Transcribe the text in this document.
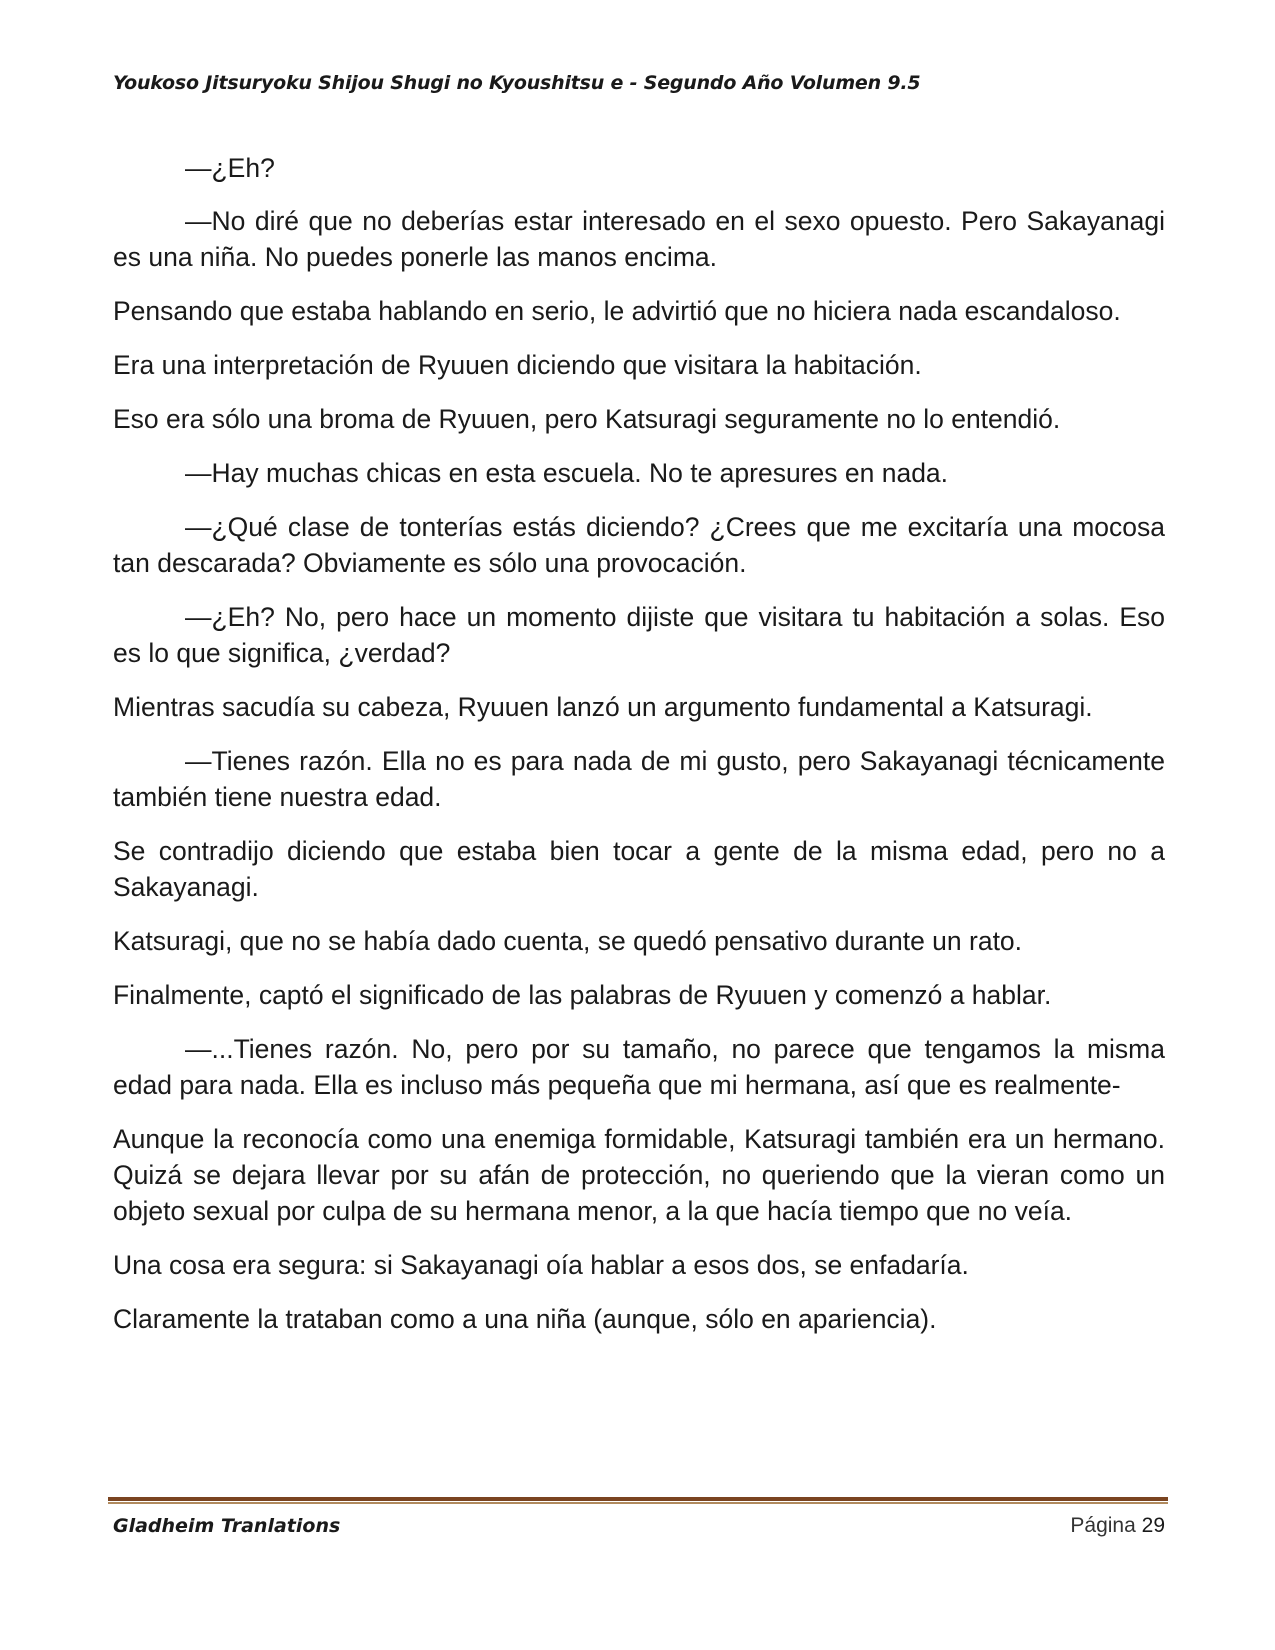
Youkoso Jitsuryoku Shijou Shugi no Kyoushitsu e - Segundo Año Volumen 9.5

—¿Eh?

—No diré que no deberías estar interesado en el sexo opuesto. Pero Sakayanagi es una niña. No puedes ponerle las manos encima.

Pensando que estaba hablando en serio, le advirtió que no hiciera nada escandaloso.

Era una interpretación de Ryuuen diciendo que visitara la habitación.

Eso era sólo una broma de Ryuuen, pero Katsuragi seguramente no lo entendió.

—Hay muchas chicas en esta escuela. No te apresures en nada.

—¿Qué clase de tonterías estás diciendo? ¿Crees que me excitaría una mocosa tan descarada? Obviamente es sólo una provocación.

—¿Eh? No, pero hace un momento dijiste que visitara tu habitación a solas. Eso es lo que significa, ¿verdad?

Mientras sacudía su cabeza, Ryuuen lanzó un argumento fundamental a Katsuragi.

—Tienes razón. Ella no es para nada de mi gusto, pero Sakayanagi técnicamente también tiene nuestra edad.

Se contradijo diciendo que estaba bien tocar a gente de la misma edad, pero no a Sakayanagi.

Katsuragi, que no se había dado cuenta, se quedó pensativo durante un rato.

Finalmente, captó el significado de las palabras de Ryuuen y comenzó a hablar.

—...Tienes razón. No, pero por su tamaño, no parece que tengamos la misma edad para nada. Ella es incluso más pequeña que mi hermana, así que es realmente-

Aunque la reconocía como una enemiga formidable, Katsuragi también era un hermano. Quizá se dejara llevar por su afán de protección, no queriendo que la vieran como un objeto sexual por culpa de su hermana menor, a la que hacía tiempo que no veía.

Una cosa era segura: si Sakayanagi oía hablar a esos dos, se enfadaría.

Claramente la trataban como a una niña (aunque, sólo en apariencia).

Gladheim Tranlations	Página 29
